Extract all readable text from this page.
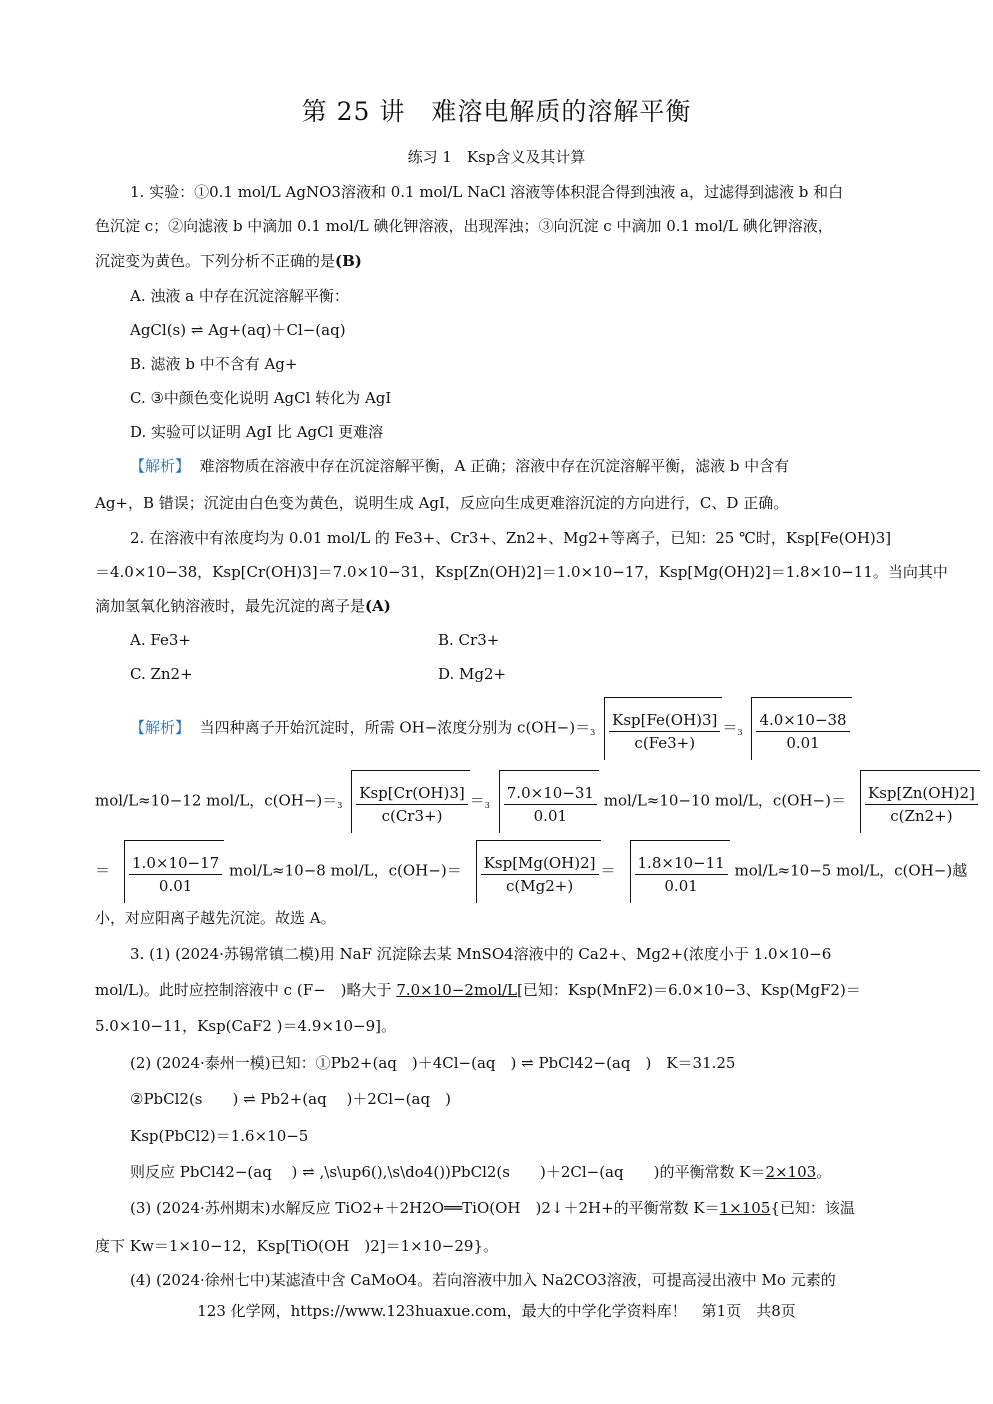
第 25 讲　难溶电解质的溶解平衡
练习 1　Ksp含义及其计算
1. 实验：①0.1 mol/L AgNO3溶液和 0.1 mol/L NaCl 溶液等体积混合得到浊液 a，过滤得到滤液 b 和白
色沉淀 c；②向滤液 b 中滴加 0.1 mol/L 碘化钾溶液，出现浑浊；③向沉淀 c 中滴加 0.1 mol/L 碘化钾溶液，
沉淀变为黄色。下列分析不正确的是(B)
A. 浊液 a 中存在沉淀溶解平衡：
AgCl(s) ⇌ Ag+(aq)＋Cl−(aq)
B. 滤液 b 中不含有 Ag+
C. ③中颜色变化说明 AgCl 转化为 AgI
D. 实验可以证明 AgI 比 AgCl 更难溶
【解析】 难溶物质在溶液中存在沉淀溶解平衡，A 正确；溶液中存在沉淀溶解平衡，滤液 b 中含有
Ag+，B 错误；沉淀由白色变为黄色，说明生成 AgI，反应向生成更难溶沉淀的方向进行，C、D 正确。
2. 在溶液中有浓度均为 0.01 mol/L 的 Fe3+、Cr3+、Zn2+、Mg2+等离子，已知：25 ℃时，Ksp[Fe(OH)3]
＝4.0×10−38，Ksp[Cr(OH)3]＝7.0×10−31，Ksp[Zn(OH)2]＝1.0×10−17，Ksp[Mg(OH)2]＝1.8×10−11。当向其中
滴加氢氧化钠溶液时，最先沉淀的离子是(A)
A. Fe3+	B. Cr3+
C. Zn2+	D. Mg2+
【解析】 当四种离子开始沉淀时，所需 OH−浓度分别为 $c(OH-)= 3 \frac{\text{Ksp[Fe(OH)3]}}{c(Fe3+)} = 3 \frac{4.0\times 10-38}{0.01}$
mol/L≈10−12 mol/L，$c(OH-)= 3 \frac{\text{Ksp[Cr(OH)3]}}{c(Cr3+)} = 3 \frac{7.0\times 10-31}{0.01} mol/L\approx 10-10$ mol/L，$c(OH-)= \frac{\text{Ksp[Zn(OH)2]}}{c(Zn2+)}$
＝ $\frac{1.0\times 10-17}{0.01} mol/L\approx 10-8$ mol/L，$c(OH-)= \frac{\text{Ksp[Mg(OH)2]}}{c(Mg2+)} = \frac{1.8\times 10-11}{0.01} mol/L\approx 10-5$ mol/L，c(OH−)越
小，对应阳离子越先沉淀。故选 A。
3. (1) (2024·苏锡常镇二模)用 NaF 沉淀除去某 MnSO4溶液中的 Ca2+、Mg2+(浓度小于 1.0×10−6
mol/L)。此时应控制溶液中 c (F−　)略大于 7.0×10−2mol/L[已知：Ksp(MnF2)＝6.0×10−3、Ksp(MgF2)＝
5.0×10−11，Ksp(CaF2 )＝4.9×10−9]。
(2) (2024·泰州一模)已知：①Pb2+(aq　)＋4Cl−(aq　) ⇌ PbCl42−(aq　)　K＝31.25
②PbCl2(s　　) ⇌ Pb2+(aq　 )＋2Cl−(aq　)
Ksp(PbCl2)＝1.6×10−5
则反应 PbCl42−(aq　 ) ⇌ ,\s\up6(),\s\do4())PbCl2(s　　)＋2Cl−(aq　　)的平衡常数 K＝2×103。
(3) (2024·苏州期末)水解反应 TiO2+＋2H2O══TiO(OH　)2↓＋2H+的平衡常数 K＝1×105{已知：该温
度下 Kw＝1×10−12，Ksp[TiO(OH　)2]＝1×10−29}。
(4) (2024·徐州七中)某滤渣中含 CaMoO4。若向溶液中加入 Na2CO3溶液，可提高浸出液中 Mo 元素的
123 化学网，https://www.123huaxue.com，最大的中学化学资料库！　第1页　共8页
